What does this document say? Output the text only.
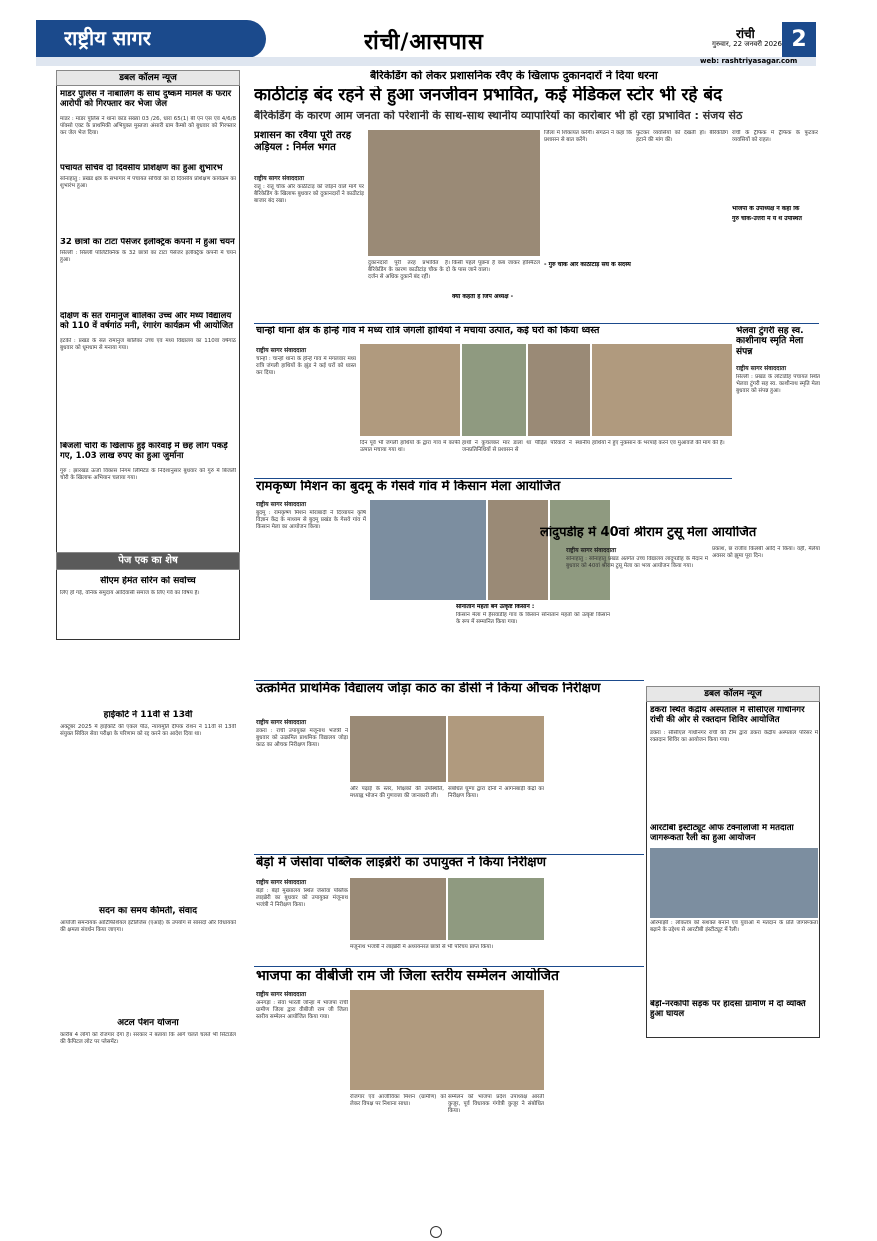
राष्ट्रीय सागर	रांची/आसपास	रांची
गुरुवार, 22 जनवरी 2026 2
web: rashtriyasagar.com
डबल कॉलम न्यूज
मांडर पुलिस ने नाबालिग के साथ दुष्कर्म मामले के फरार आरोपी को गिरफ्तार कर भेजा जेल
मांडर : मांडर पुलिस ने थाना कांड संख्या 03 /26, धारा 65(1) बी एन एस एवं 4/6/8 पॉक्सो एक्ट के प्राथमिकी अभियुक्त मुस्तजा अंसारी ग्राम कैम्बो को बुधवार को गिरफ्तार कर जेल भेज दिया।
पंचायत सचिव दो दिवसीय प्रशिक्षण का हुआ शुभारंभ
सोनाहातु : प्रखंड क्षेत्र के सभागार में पंचायत सचिवों का दो दिवसीय प्रशिक्षण कार्यक्रम का शुभारंभ हुआ।
32 छात्रों का टाटा पैसेंजर इलेक्ट्रिक कंपनी में हुआ चयन
सिल्ली : सिल्ली पॉलिटेक्निक के 32 छात्रों का टाटा पैसेंजर इलेक्ट्रिक कंपनी में चयन हुआ।
दक्षिण के संत रामानुज बालिका उच्च और मध्य विद्यालय को 110 वें वर्षगांठ मनी, रंगारंग कार्यक्रम भी आयोजित
इटकी : प्रखंड के संत रामानुज बालिका उच्च एवं मध्य विद्यालय का 110वां वर्षगांठ बुधवार को धूमधाम से मनाया गया।
बिजली चोरी के खिलाफ हुई कार्रवाई में छह लोग पकड़े गए, 1.03 लाख रुपए का हुआ जुर्माना
गुरु : झारखंड ऊर्जा विकास निगम लिमिटेड के निर्देशानुसार बुधवार को गुरु में बिजली चोरी के खिलाफ अभियान चलाया गया।
पेज एक का शेष
सीएम हेमंत सोरेन को सर्वोच्च
लिए हो गई, वनिक समुदाय आदिवासी समाज के लिए गर्व का विषय है।
हाईकोर्ट ने 11वीं से 13वीं
अक्टूबर 2025 में हाईकोर्ट की एकल पीठ, न्यायमूर्ति दीपक रोशन ने 11वीं से 13वीं संयुक्त सिविल सेवा परीक्षा के परिणाम को रद्द करने का आदेश दिया था।
सदन का समय कीमती, संवाद
आयोजी समन्वयक आर्टिफिशियल इंटेलिजेंस (एआई) के उपयोग से सांसदों और विधायकों की क्षमता संवर्धन किया जाएगा।
अटल पेंशन योजना
कारीब 4 लोगों को रोजगार देगा है। सरकार ने बताया कि आगे चलते चलते भी सिटाडेल की कैपिटल लोट पर प्लेसमेंट।
बैरिकेडिंग को लेकर प्रशासनिक रवैए के खिलाफ दुकानदारों ने दिया धरना
काठीटांड़ बंद रहने से हुआ जनजीवन प्रभावित, कई मेडिकल स्टोर भी रहे बंद
बैरिकेडिंग के कारण आम जनता को परेशानी के साथ-साथ स्थानीय व्यापारियों का कारोबार भी हो रहा प्रभावित : संजय सेठ
प्रशासन का रवैया पूरी तरह अड़ियल : निर्मल भगत
राष्ट्रीय सागर संवाददाता
रातू : रातू चौक और काठीटांड़ को जोड़ने वाले मार्ग पर बैरिकेडिंग के खिलाफ बुधवार को दुकानदारों ने काठीटांड़ बाजार बंद रखा।
दुकानदारों पूरी तरह प्रभावित हैं। बैरिकेडिंग के कारण काठीटांड़ चौक के दो दर्जन से अधिक दुकानें बंद रहीं।
किसी पहले पूछना है कब जाकर हॉस्पिटल के पास जाने वाला।
क्या कहती है जिप अध्यक्ष -
जिला में शिकायत करेंगी। संगठन ने कहा कि प्रशासन से बात करेंगे।
- गुरु चौक और काठीटांड़ संघ के सदस्य
फुटकर व्यवसियों को देखती हो। बैरिकेडिंग हटाने की मांग की।
रांची के ट्रैफिक में ट्रैफिक के फुटकर व्यवसियों को राहत।
भाजपा के उपाध्यक्ष ने कहा कि
गुरु चौक-उत्तरी में ये थे उपस्थित
चान्हो थाना क्षेत्र के होन्हे गांव में मध्य रात्रि जंगली हाथियों ने मचाया उत्पात, कई घरों को किया ध्वस्त
राष्ट्रीय सागर संवाददाता
चान्हो : चान्हो थाना के होन्हे गांव में मंगलवार मध्य रात्रि जंगली हाथियों के झुंड ने कई घरों को ध्वस्त कर दिया।
दिन पूर्व भी जंगली हाथियों के द्वारा गांव में काफी उत्पात मचाया गया था।
हाथी ने कुचलकर मार डाला था पीड़ित परिवारों ने स्थानीय जनप्रतिनिधियों से प्रशासन से
हाथियों ने हुए नुकसान के भरपाई करने एवं मुआवजे की मांग की है।
भेलवा टुंगरी सह स्व. काशीनाथ स्मृति मेला संपन्न
राष्ट्रीय सागर संवाददाता
सिल्ली : प्रखंड के लोटाडीह पंचायत स्थित भेलवा टुंगरी सह स्व. काशीनाथ स्मृति मेला बुधवार को संपन्न हुआ।
रामकृष्ण मिशन का बुदमू के गेसवे गांव में किसान मेला आयोजित
राष्ट्रीय सागर संवाददाता
बुदमू : रामकृष्ण मिशन मोराबादी ने दिव्यायन कृषि विज्ञान केंद्र के माध्यम से बुदमू प्रखंड के गेसवे गांव में किसान मेला का आयोजन किया।
सोनातान महतो बने उत्कृष्ट किसान :
किसान मेला में हैसवांडीह गांव के किसान सोनातान महतो को उत्कृष्ट किसान के रूप में सम्मानित किया गया।
लांदुपडीह में 40वां श्रीराम टुसू मेला आयोजित
राष्ट्रीय सागर संवाददाता
सोनाहातु : सोनाहातु प्रखंड अंतर्गत उच्च विद्यालय लांदुपडीह के मैदान में बुधवार को 40वां श्रीराम टुसू मेला का भव्य आयोजन किया गया।
प्रकाश, छ राजीव किलबी आदि ने किया। वहीं, मेलेया अवसर को झूमा पूरा दिन।
उत्क्रमित प्राथमिक विद्यालय जोड़ा काठ का डीसी ने किया औचक निरीक्षण
राष्ट्रीय सागर संवाददाता
डकरा : रांची उपायुक्त मंजूनाथ भजंत्री ने बुधवार को उत्क्रमित प्राथमिक विद्यालय जोड़ा काठ का औचक निरीक्षण किया।
और पढ़ाई के स्तर, शिक्षकों की उपस्थिति, मध्याह्न भोजन की गुणवत्ता की जानकारी ली।
संबंधित घुग्गा द्वारा दोनों ने आंगनबाड़ी केंद्रों का निरीक्षण किया।
डबल कॉलम न्यूज
डकरा स्थित केंद्रीय अस्पताल में सीसीएल गांधीनगर रांची की ओर से रक्तदान शिविर आयोजित
डकरा : सीसीएल गांधीनगर रांची की टीम द्वारा डकरा केंद्रीय अस्पताल परिसर में रक्तदान शिविर का आयोजन किया गया।
आरटीबी इंस्टीट्यूट ऑफ टेक्नोलॉजी में मतदाता जागरूकता रैली का हुआ आयोजन
ओरमांझी : लोकतंत्र को सशक्त बनाने एवं युवाओं में मतदान के प्रति जागरूकता बढ़ाने के उद्देश्य से आरटीबी इंस्टीट्यूट में रैली।
बेड़ो-नरकोपी सड़क पर हादसा ग्रामीण में दो व्यक्ति हुआ घायल
बेड़ो में जेसोवा पब्लिक लाइब्रेरी का उपायुक्त ने किया निरीक्षण
राष्ट्रीय सागर संवाददाता
बेड़ो : बेड़ो मुख्यालय स्थित जेसोवा पब्लिक लाइब्रेरी का बुधवार को उपायुक्त मंजूनाथ भजंत्री ने निरीक्षण किया।
मंजूनाथ भजंत्री ने लाइब्रेरी में अध्ययनरत छात्रों से भी परिचय प्राप्त किया।
भाजपा का वीबीजी राम जी जिला स्तरीय सम्मेलन आयोजित
राष्ट्रीय सागर संवाददाता
अनगड़ा : सेवा भारती जोन्हा में भाजपा रांची ग्रामीण जिला द्वारा वीबीजी राम जी जिला स्तरीय सम्मेलन आयोजित किया गया।
रोजगार एवं आजीविका मिशन (ग्रामीण) को लेकर विपक्ष पर निशाना साधा।
सम्मेलन को भाजपा प्रदेश उपाध्यक्ष आरती कुजूर, पूर्व विधायक गंगोत्री कुजूर ने संबोधित किया।
